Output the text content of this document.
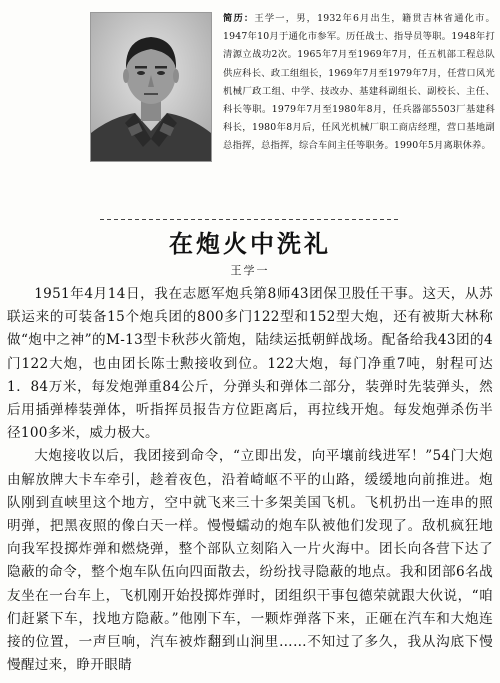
简历：王学一，男，1932年6月出生，籍贯吉林省通化市。1947年10月于通化市参军。历任战士、指导员等职。1948年打清源立战功2次。1965年7月至1969年7月，任五机部工程总队供应科长、政工组组长，1969年7月至1979年7月，任营口风光机械厂政工组、中学、技改办、基建科副组长、副校长、主任、科长等职。1979年7月至1980年8月，任兵器部5503厂基建科科长，1980年8月后，任风光机械厂职工商店经理，营口基地副总指挥，总指挥，综合车间主任等职务。1990年5月离职休养。
在炮火中洗礼
王学一

1951年4月14日，我在志愿军炮兵第8师43团保卫股任干事。这天，从苏联运来的可装备15个炮兵团的800多门122型和152型大炮，还有被斯大林称做“炮中之神”的M-13型卡秋莎火箭炮，陆续运抵朝鲜战场。配备给我43团的4门122大炮，也由团长陈士勲接收到位。122大炮，每门净重7吨，射程可达1．84万米，每发炮弹重84公斤，分弹头和弹体二部分，装弹时先装弹头，然后用插弹棒装弹体，听指挥员报告方位距离后，再拉线开炮。每发炮弹杀伤半径100多米，威力极大。

大炮接收以后，我团接到命令，“立即出发，向平壤前线进军！”54门大炮由解放牌大卡车牵引，趁着夜色，沿着崎岖不平的山路，缓缓地向前推进。炮队刚到直峡里这个地方，空中就飞来三十多架美国飞机。飞机扔出一连串的照明弹，把黑夜照的像白天一样。慢慢蠕动的炮车队被他们发现了。敌机疯狂地向我军投掷炸弹和燃烧弹，整个部队立刻陷入一片火海中。团长向各营下达了隐蔽的命令，整个炮车队伍向四面散去，纷纷找寻隐蔽的地点。我和团部6名战友坐在一台车上，飞机刚开始投掷炸弹时，团组织干事包德荣就跟大伙说，“咱们赶紧下车，找地方隐蔽。”他刚下车，一颗炸弹落下来，正砸在汽车和大炮连接的位置，一声巨响，汽车被炸翻到山涧里……不知过了多久，我从沟底下慢慢醒过来，睁开眼睛
